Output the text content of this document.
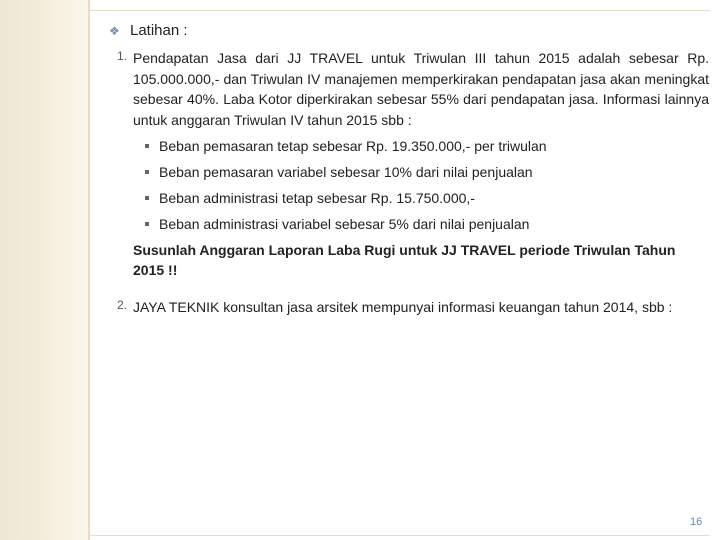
❖ Latihan :
1. Pendapatan Jasa dari JJ TRAVEL untuk Triwulan III tahun 2015 adalah sebesar Rp. 105.000.000,- dan Triwulan IV manajemen memperkirakan pendapatan jasa akan meningkat sebesar 40%. Laba Kotor diperkirakan sebesar 55% dari pendapatan jasa. Informasi lainnya untuk anggaran Triwulan IV tahun 2015 sbb :
Beban pemasaran tetap sebesar Rp. 19.350.000,- per triwulan
Beban pemasaran variabel sebesar 10% dari nilai penjualan
Beban administrasi tetap sebesar Rp. 15.750.000,-
Beban administrasi variabel sebesar 5% dari nilai penjualan
Susunlah Anggaran Laporan Laba Rugi untuk JJ TRAVEL periode Triwulan Tahun 2015 !!
2. JAYA TEKNIK konsultan jasa arsitek mempunyai informasi keuangan tahun 2014, sbb :
16
